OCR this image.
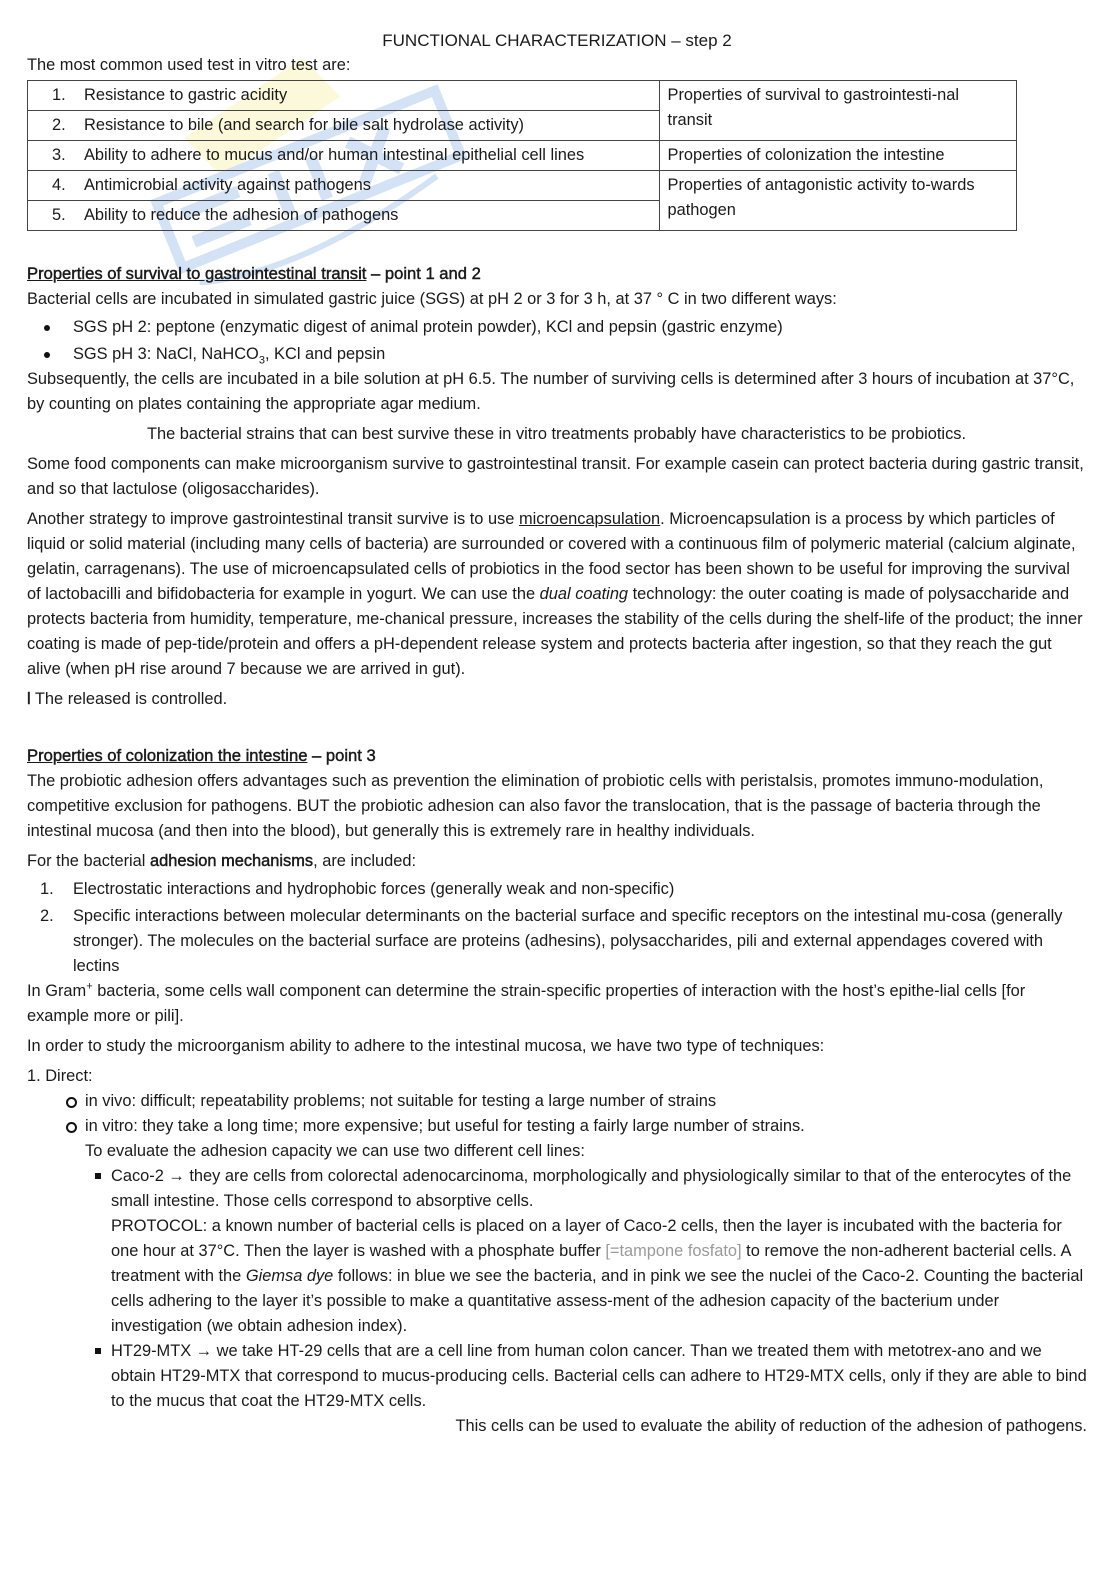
FUNCTIONAL CHARACTERIZATION – step 2

The most common used test in vitro test are:

1. Resistance to gastric acidity	Properties of survival to gastrointesti-nal transit
2. Resistance to bile (and search for bile salt hydrolase activity)	
3. Ability to adhere to mucus and/or human intestinal epithelial cell lines	Properties of colonization the intestine
4. Antimicrobial activity against pathogens	Properties of antagonistic activity to-wards pathogen
5. Ability to reduce the adhesion of pathogens	
Properties of survival to gastrointestinal transit – point 1 and 2

Bacterial cells are incubated in simulated gastric juice (SGS) at pH 2 or 3 for 3 h, at 37 ° C in two different ways:

SGS pH 2: peptone (enzymatic digest of animal protein powder), KCl and pepsin (gastric enzyme)
SGS pH 3: NaCl, NaHCO$_3$, KCl and pepsin

Subsequently, the cells are incubated in a bile solution at pH 6.5. The number of surviving cells is determined after 3 hours of incubation at 37°C, by counting on plates containing the appropriate agar medium.

The bacterial strains that can best survive these in vitro treatments probably have characteristics to be probiotics.

Some food components can make microorganism survive to gastrointestinal transit. For example casein can protect bacteria during gastric transit, and so that lactulose (oligosaccharides).

Another strategy to improve gastrointestinal transit survive is to use microencapsulation. Microencapsulation is a process by which particles of liquid or solid material (including many cells of bacteria) are surrounded or covered with a continuous film of polymeric material (calcium alginate, gelatin, carragenans). The use of microencapsulated cells of probiotics in the food sector has been shown to be useful for improving the survival of lactobacilli and bifidobacteria for example in yogurt. We can use the dual coating technology: the outer coating is made of polysaccharide and protects bacteria from humidity, temperature, me-chanical pressure, increases the stability of the cells during the shelf-life of the product; the inner coating is made of pep-tide/protein and offers a pH-dependent release system and protects bacteria after ingestion, so that they reach the gut alive (when pH rise around 7 because we are arrived in gut).

l The released is controlled.

Properties of colonization the intestine – point 3

The probiotic adhesion offers advantages such as prevention the elimination of probiotic cells with peristalsis, promotes immuno-modulation, competitive exclusion for pathogens. BUT the probiotic adhesion can also favor the translocation, that is the passage of bacteria through the intestinal mucosa (and then into the blood), but generally this is extremely rare in healthy individuals.

For the bacterial adhesion mechanisms, are included:

1. Electrostatic interactions and hydrophobic forces (generally weak and non-specific)
2. Specific interactions between molecular determinants on the bacterial surface and specific receptors on the intestinal mu-cosa (generally stronger). The molecules on the bacterial surface are proteins (adhesins), polysaccharides, pili and external appendages covered with lectins

In Gram+ bacteria, some cells wall component can determine the strain-specific properties of interaction with the host’s epithe-lial cells [for example more or pili].

In order to study the microorganism ability to adhere to the intestinal mucosa, we have two type of techniques:

1. Direct:

in vivo: difficult; repeatability problems; not suitable for testing a large number of strains
in vitro: they take a long time; more expensive; but useful for testing a fairly large number of strains.

To evaluate the adhesion capacity we can use two different cell lines:

Caco-2 → they are cells from colorectal adenocarcinoma, morphologically and physiologically similar to that of the enterocytes of the small intestine. Those cells correspond to absorptive cells.
PROTOCOL: a known number of bacterial cells is placed on a layer of Caco-2 cells, then the layer is incubated with the bacteria for one hour at 37°C. Then the layer is washed with a phosphate buffer [=tampone fosfato] to remove the non-adherent bacterial cells. A treatment with the Giemsa dye follows: in blue we see the bacteria, and in pink we see the nuclei of the Caco-2. Counting the bacterial cells adhering to the layer it’s possible to make a quantitative assess-ment of the adhesion capacity of the bacterium under investigation (we obtain adhesion index).
HT29-MTX → we take HT-29 cells that are a cell line from human colon cancer. Than we treated them with metotrex-ano and we obtain HT29-MTX that correspond to mucus-producing cells. Bacterial cells can adhere to HT29-MTX cells, only if they are able to bind to the mucus that coat the HT29-MTX cells.

This cells can be used to evaluate the ability of reduction of the adhesion of pathogens.
